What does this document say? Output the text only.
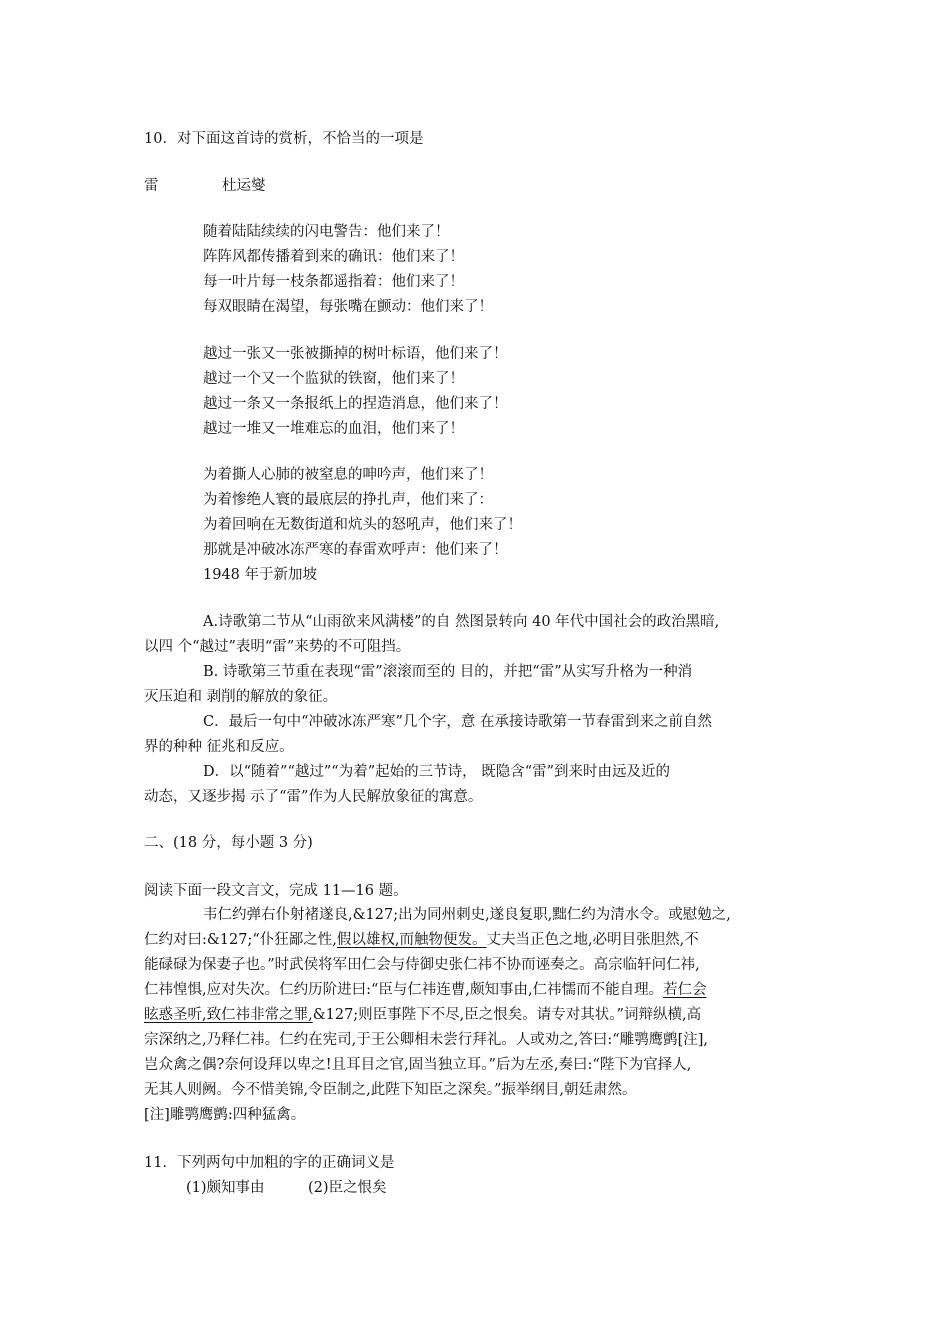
10．对下面这首诗的赏析，不恰当的一项是
雷	杜运燮
随着陆陆续续的闪电警告：他们来了！
阵阵风都传播着到来的确讯：他们来了！
每一叶片每一枝条都遥指着：他们来了！
每双眼睛在渴望，每张嘴在颤动：他们来了！
越过一张又一张被撕掉的树叶标语，他们来了！
越过一个又一个监狱的铁窗，他们来了！
越过一条又一条报纸上的捏造消息，他们来了！
越过一堆又一堆难忘的血泪，他们来了！
为着撕人心肺的被窒息的呻吟声，他们来了！
为着惨绝人寰的最底层的挣扎声，他们来了：
为着回响在无数街道和炕头的怒吼声，他们来了！
那就是冲破冰冻严寒的春雷欢呼声：他们来了！
1948 年于新加坡
A.诗歌第二节从“山雨欲来风满楼”的自 然图景转向 40 年代中国社会的政治黑暗,
以四 个“越过”表明“雷”来势的不可阻挡。
B. 诗歌第三节重在表现“雷”滚滚而至的 目的，并把“雷”从实写升格为一种消
灭压迫和 剥削的解放的象征。
C．最后一句中“冲破冰冻严寒”几个字，意 在承接诗歌第一节春雷到来之前自然
界的种种 征兆和反应。
D．以“随着”“越过”“为着”起始的三节诗， 既隐含“雷”到来时由远及近的
动态，又逐步揭 示了“雷”作为人民解放象征的寓意。
二、(18 分，每小题 3 分)
阅读下面一段文言文，完成 11—16 题。
韦仁约弹右仆射褚遂良,&127;出为同州刺史,遂良复职,黜仁约为清水令。或慰勉之,
仁约对曰:&127;“仆狂鄙之性,假以雄权,而触物便发。丈夫当正色之地,必明目张胆然,不
能碌碌为保妻子也。”时武侯将军田仁会与侍御史张仁祎不协而诬奏之。高宗临轩问仁祎,
仁祎惶惧,应对失次。仁约历阶进曰:“臣与仁祎连曹,颇知事由,仁祎懦而不能自理。若仁会
眩惑圣听,致仁祎非常之罪,&127;则臣事陛下不尽,臣之恨矣。请专对其状。”词辩纵横,高
宗深纳之,乃释仁祎。仁约在宪司,于王公卿相未尝行拜礼。人或劝之,答曰:“雕鹗鹰鹯[注],
岂众禽之偶?奈何设拜以卑之!且耳目之官,固当独立耳。”后为左丞,奏曰:“陛下为官择人,
无其人则阙。今不惜美锦,令臣制之,此陛下知臣之深矣。”振举纲目,朝廷肃然。
[注]雕鹗鹰鹯:四种猛禽。
11．下列两句中加粗的字的正确词义是
(1)颇知事由　　　(2)臣之恨矣
